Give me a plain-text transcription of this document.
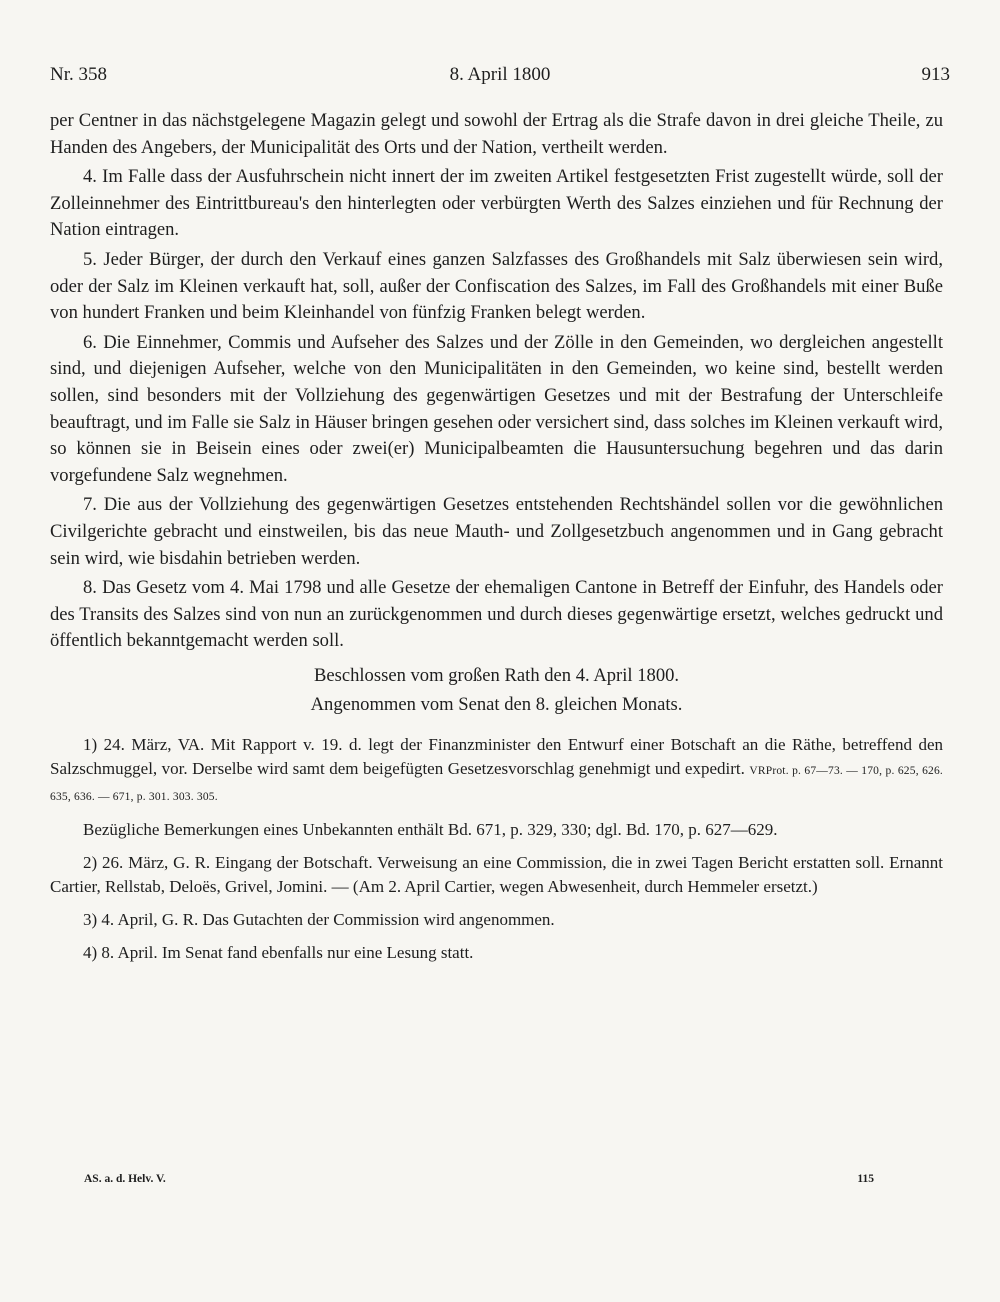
Nr. 358	8. April 1800	913

per Centner in das nächstgelegene Magazin gelegt und sowohl der Ertrag als die Strafe davon in drei gleiche Theile, zu Handen des Angebers, der Municipalität des Orts und der Nation, vertheilt werden.

4. Im Falle dass der Ausfuhrschein nicht innert der im zweiten Artikel festgesetzten Frist zugestellt würde, soll der Zolleinnehmer des Eintrittbureau's den hinterlegten oder verbürgten Werth des Salzes einziehen und für Rechnung der Nation eintragen.

5. Jeder Bürger, der durch den Verkauf eines ganzen Salzfasses des Großhandels mit Salz überwiesen sein wird, oder der Salz im Kleinen verkauft hat, soll, außer der Confiscation des Salzes, im Fall des Großhandels mit einer Buße von hundert Franken und beim Kleinhandel von fünfzig Franken belegt werden.

6. Die Einnehmer, Commis und Aufseher des Salzes und der Zölle in den Gemeinden, wo dergleichen angestellt sind, und diejenigen Aufseher, welche von den Municipalitäten in den Gemeinden, wo keine sind, bestellt werden sollen, sind besonders mit der Vollziehung des gegenwärtigen Gesetzes und mit der Bestrafung der Unterschleife beauftragt, und im Falle sie Salz in Häuser bringen gesehen oder versichert sind, dass solches im Kleinen verkauft wird, so können sie in Beisein eines oder zwei(er) Municipalbeamten die Hausuntersuchung begehren und das darin vorgefundene Salz wegnehmen.

7. Die aus der Vollziehung des gegenwärtigen Gesetzes entstehenden Rechtshändel sollen vor die gewöhnlichen Civilgerichte gebracht und einstweilen, bis das neue Mauth- und Zollgesetzbuch angenommen und in Gang gebracht sein wird, wie bisdahin betrieben werden.

8. Das Gesetz vom 4. Mai 1798 und alle Gesetze der ehemaligen Cantone in Betreff der Einfuhr, des Handels oder des Transits des Salzes sind von nun an zurückgenommen und durch dieses gegenwärtige ersetzt, welches gedruckt und öffentlich bekanntgemacht werden soll.

Beschlossen vom großen Rath den 4. April 1800.

Angenommen vom Senat den 8. gleichen Monats.

1) 24. März, VA. Mit Rapport v. 19. d. legt der Finanzminister den Entwurf einer Botschaft an die Räthe, betreffend den Salzschmuggel, vor. Derselbe wird samt dem beigefügten Gesetzesvorschlag genehmigt und expedirt. VRProt. p. 67—73. — 170, p. 625, 626. 635, 636. — 671, p. 301. 303. 305.

Bezügliche Bemerkungen eines Unbekannten enthält Bd. 671, p. 329, 330; dgl. Bd. 170, p. 627—629.

2) 26. März, G. R. Eingang der Botschaft. Verweisung an eine Commission, die in zwei Tagen Bericht erstatten soll. Ernannt Cartier, Rellstab, Deloës, Grivel, Jomini. — (Am 2. April Cartier, wegen Abwesenheit, durch Hemmeler ersetzt.)

3) 4. April, G. R. Das Gutachten der Commission wird angenommen.

4) 8. April. Im Senat fand ebenfalls nur eine Lesung statt.

AS. a. d. Helv. V.	115
